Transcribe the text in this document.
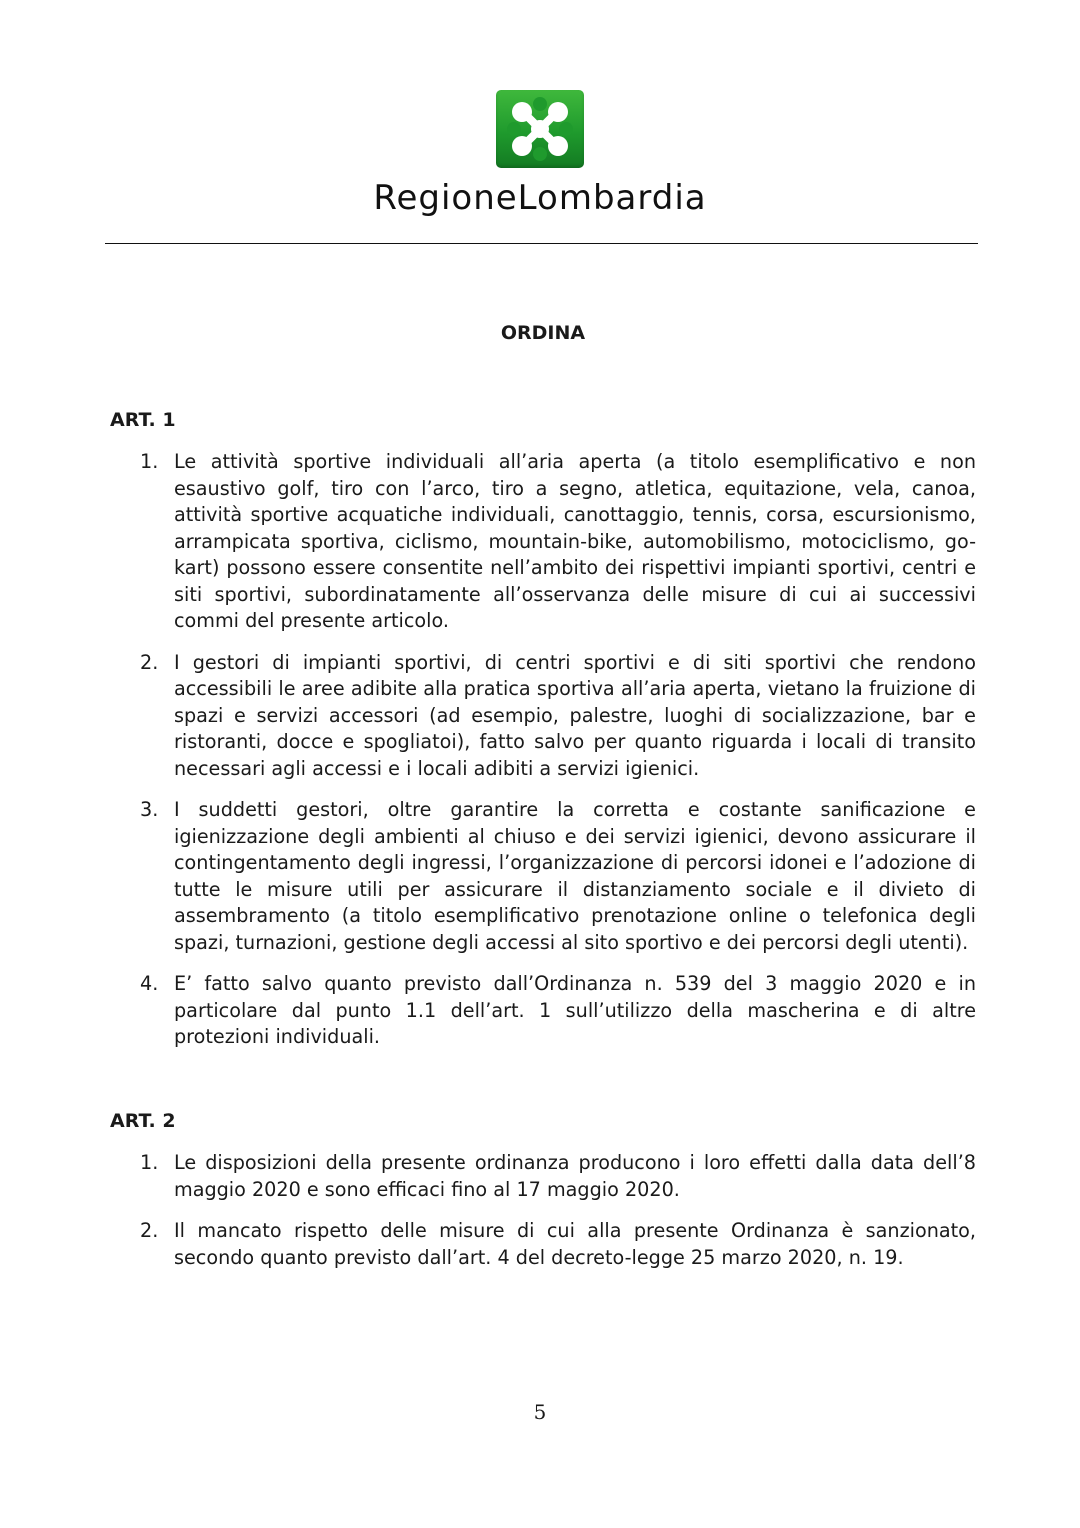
RegioneLombardia
ORDINA
ART. 1
1. Le attività sportive individuali all’aria aperta (a titolo esemplificativo e non esaustivo golf, tiro con l’arco, tiro a segno, atletica, equitazione, vela, canoa, attività sportive acquatiche individuali, canottaggio, tennis, corsa, escursionismo, arrampicata sportiva, ciclismo, mountain-bike, automobilismo, motociclismo, go-kart) possono essere consentite nell’ambito dei rispettivi impianti sportivi, centri e siti sportivi, subordinatamente all’osservanza delle misure di cui ai successivi commi del presente articolo.
2. I gestori di impianti sportivi, di centri sportivi e di siti sportivi che rendono accessibili le aree adibite alla pratica sportiva all’aria aperta, vietano la fruizione di spazi e servizi accessori (ad esempio, palestre, luoghi di socializzazione, bar e ristoranti, docce e spogliatoi), fatto salvo per quanto riguarda i locali di transito necessari agli accessi e i locali adibiti a servizi igienici.
3. I suddetti gestori, oltre garantire la corretta e costante sanificazione e igienizzazione degli ambienti al chiuso e dei servizi igienici, devono assicurare il contingentamento degli ingressi, l’organizzazione di percorsi idonei e l’adozione di tutte le misure utili per assicurare il distanziamento sociale e il divieto di assembramento (a titolo esemplificativo prenotazione online o telefonica degli spazi, turnazioni, gestione degli accessi al sito sportivo e dei percorsi degli utenti).
4. E’ fatto salvo quanto previsto dall’Ordinanza n. 539 del 3 maggio 2020 e in particolare dal punto 1.1 dell’art. 1 sull’utilizzo della mascherina e di altre protezioni individuali.
ART. 2
1. Le disposizioni della presente ordinanza producono i loro effetti dalla data dell’8 maggio 2020 e sono efficaci fino al 17 maggio 2020.
2. Il mancato rispetto delle misure di cui alla presente Ordinanza è sanzionato, secondo quanto previsto dall’art. 4 del decreto-legge 25 marzo 2020, n. 19.
5
